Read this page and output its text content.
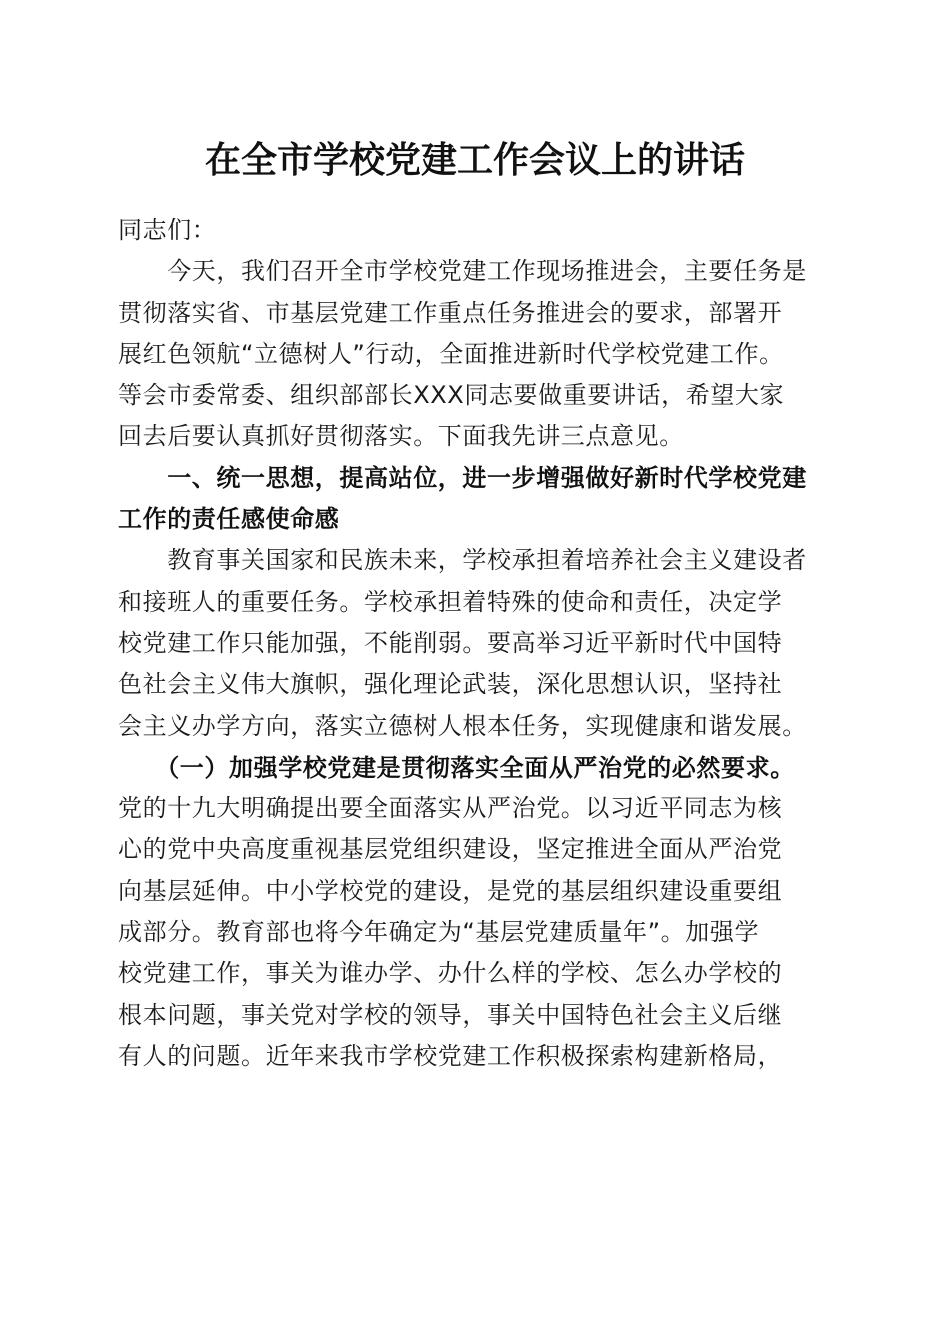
在全市学校党建工作会议上的讲话
同志们：
　　今天，我们召开全市学校党建工作现场推进会，主要任务是
贯彻落实省、市基层党建工作重点任务推进会的要求，部署开
展红色领航“立德树人”行动，全面推进新时代学校党建工作。
等会市委常委、组织部部长XXX同志要做重要讲话，希望大家
回去后要认真抓好贯彻落实。下面我先讲三点意见。
　　一、统一思想，提高站位，进一步增强做好新时代学校党建
工作的责任感使命感
　　教育事关国家和民族未来，学校承担着培养社会主义建设者
和接班人的重要任务。学校承担着特殊的使命和责任，决定学
校党建工作只能加强，不能削弱。要高举习近平新时代中国特
色社会主义伟大旗帜，强化理论武装，深化思想认识，坚持社
会主义办学方向，落实立德树人根本任务，实现健康和谐发展。
　　（一）加强学校党建是贯彻落实全面从严治党的必然要求。
党的十九大明确提出要全面落实从严治党。以习近平同志为核
心的党中央高度重视基层党组织建设，坚定推进全面从严治党
向基层延伸。中小学校党的建设，是党的基层组织建设重要组
成部分。教育部也将今年确定为“基层党建质量年”。加强学
校党建工作，事关为谁办学、办什么样的学校、怎么办学校的
根本问题，事关党对学校的领导，事关中国特色社会主义后继
有人的问题。近年来我市学校党建工作积极探索构建新格局，
